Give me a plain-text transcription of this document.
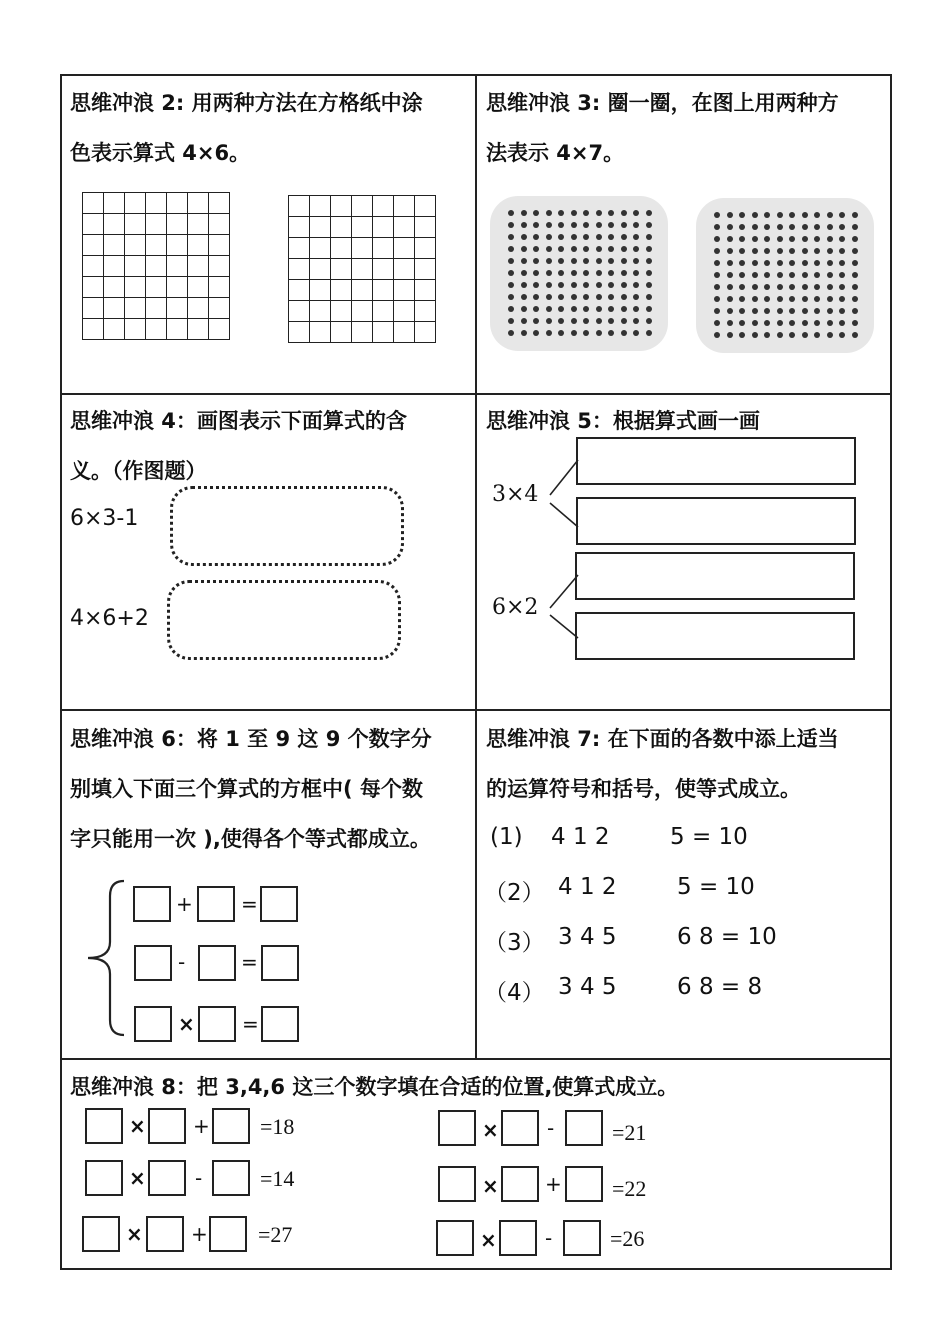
思维冲浪 2: 用两种方法在方格纸中涂
色表示算式 4×6。
思维冲浪 3: 圈一圈，在图上用两种方
法表示 4×7。
思维冲浪 4：画图表示下面算式的含
义。（作图题）
6×3-1
4×6+2
思维冲浪 5：根据算式画一画
3×4
6×2
思维冲浪 6：将 1 至 9 这 9 个数字分
别填入下面三个算式的方框中( 每个数
字只能用一次 ),使得各个等式都成立。
+ =
-	=
× =
思维冲浪 7: 在下面的各数中添上适当
的运算符号和括号，使等式成立。
(1) 4 1 2	5 = 10
（2） 4 1 2	5 = 10
（3） 3 4 5	6 8 = 10
（4） 3 4 5	6 8 = 8
思维冲浪 8：把 3,4,6 这三个数字填在合适的位置,使算式成立。
× + =18
× -	=14
× + =27
× -	=21
× + =22
× -	=26
